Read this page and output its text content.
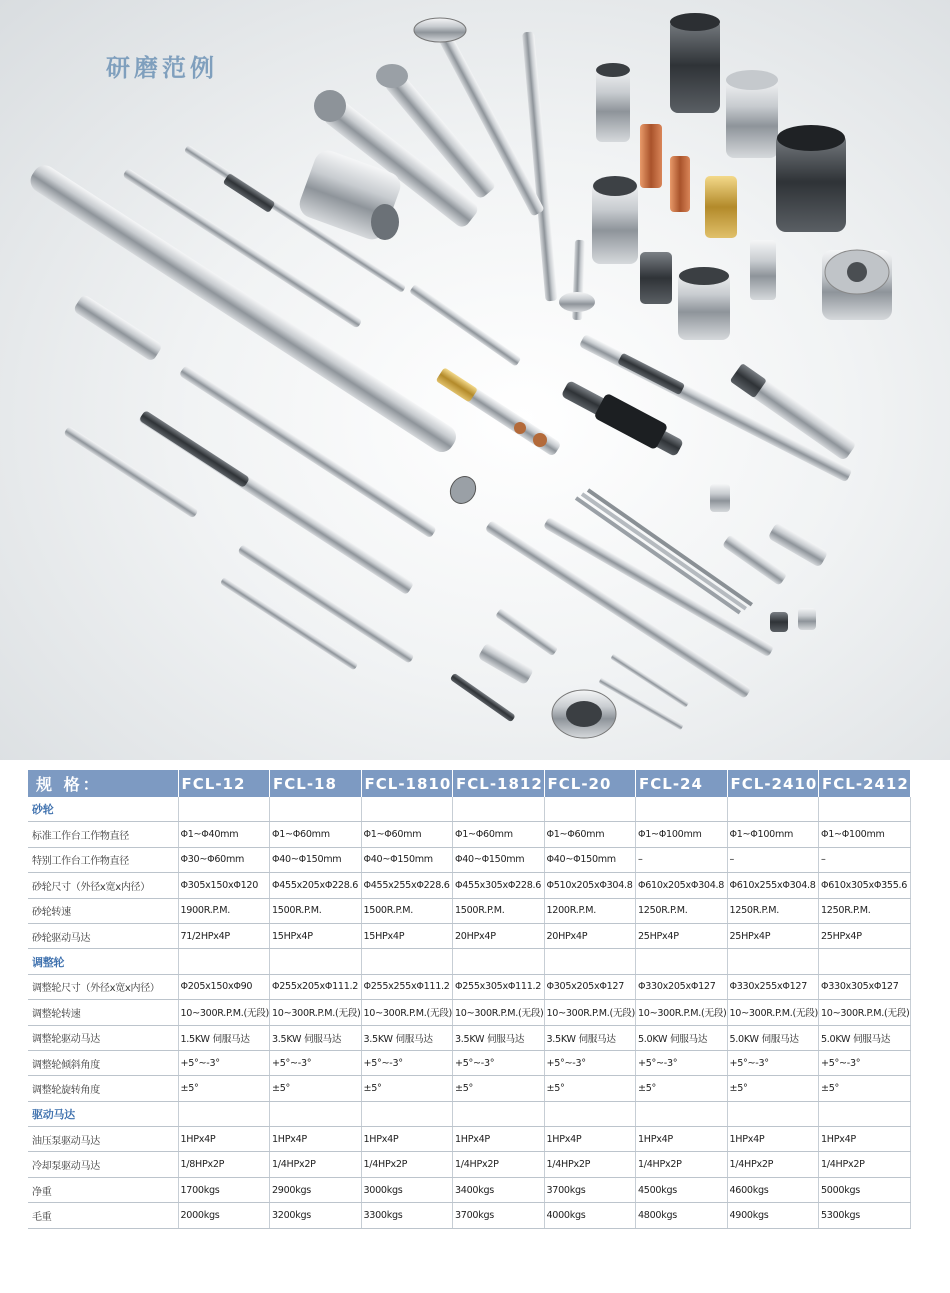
研磨范例
规 格：	FCL-12	FCL-18	FCL-1810	FCL-1812	FCL-20	FCL-24	FCL-2410	FCL-2412
砂轮								
标准工作台工作物直径	Φ1~Φ40mm	Φ1~Φ60mm	Φ1~Φ60mm	Φ1~Φ60mm	Φ1~Φ60mm	Φ1~Φ100mm	Φ1~Φ100mm	Φ1~Φ100mm
特别工作台工作物直径	Φ30~Φ60mm	Φ40~Φ150mm	Φ40~Φ150mm	Φ40~Φ150mm	Φ40~Φ150mm	–	–	–
砂轮尺寸（外径x宽x内径）	Φ305x150xΦ120	Φ455x205xΦ228.6	Φ455x255xΦ228.6	Φ455x305xΦ228.6	Φ510x205xΦ304.8	Φ610x205xΦ304.8	Φ610x255xΦ304.8	Φ610x305xΦ355.6
砂轮转速	1900R.P.M.	1500R.P.M.	1500R.P.M.	1500R.P.M.	1200R.P.M.	1250R.P.M.	1250R.P.M.	1250R.P.M.
砂轮驱动马达	71/2HPx4P	15HPx4P	15HPx4P	20HPx4P	20HPx4P	25HPx4P	25HPx4P	25HPx4P
调整轮								
调整轮尺寸（外径x宽x内径）	Φ205x150xΦ90	Φ255x205xΦ111.2	Φ255x255xΦ111.2	Φ255x305xΦ111.2	Φ305x205xΦ127	Φ330x205xΦ127	Φ330x255xΦ127	Φ330x305xΦ127
调整轮转速	10~300R.P.M.(无段)	10~300R.P.M.(无段)	10~300R.P.M.(无段)	10~300R.P.M.(无段)	10~300R.P.M.(无段)	10~300R.P.M.(无段)	10~300R.P.M.(无段)	10~300R.P.M.(无段)
调整轮驱动马达	1.5KW 伺服马达	3.5KW 伺服马达	3.5KW 伺服马达	3.5KW 伺服马达	3.5KW 伺服马达	5.0KW 伺服马达	5.0KW 伺服马达	5.0KW 伺服马达
调整轮倾斜角度	+5°~-3°	+5°~-3°	+5°~-3°	+5°~-3°	+5°~-3°	+5°~-3°	+5°~-3°	+5°~-3°
调整轮旋转角度	±5°	±5°	±5°	±5°	±5°	±5°	±5°	±5°
驱动马达								
油压泵驱动马达	1HPx4P	1HPx4P	1HPx4P	1HPx4P	1HPx4P	1HPx4P	1HPx4P	1HPx4P
冷却泵驱动马达	1/8HPx2P	1/4HPx2P	1/4HPx2P	1/4HPx2P	1/4HPx2P	1/4HPx2P	1/4HPx2P	1/4HPx2P
净重	1700kgs	2900kgs	3000kgs	3400kgs	3700kgs	4500kgs	4600kgs	5000kgs
毛重	2000kgs	3200kgs	3300kgs	3700kgs	4000kgs	4800kgs	4900kgs	5300kgs
